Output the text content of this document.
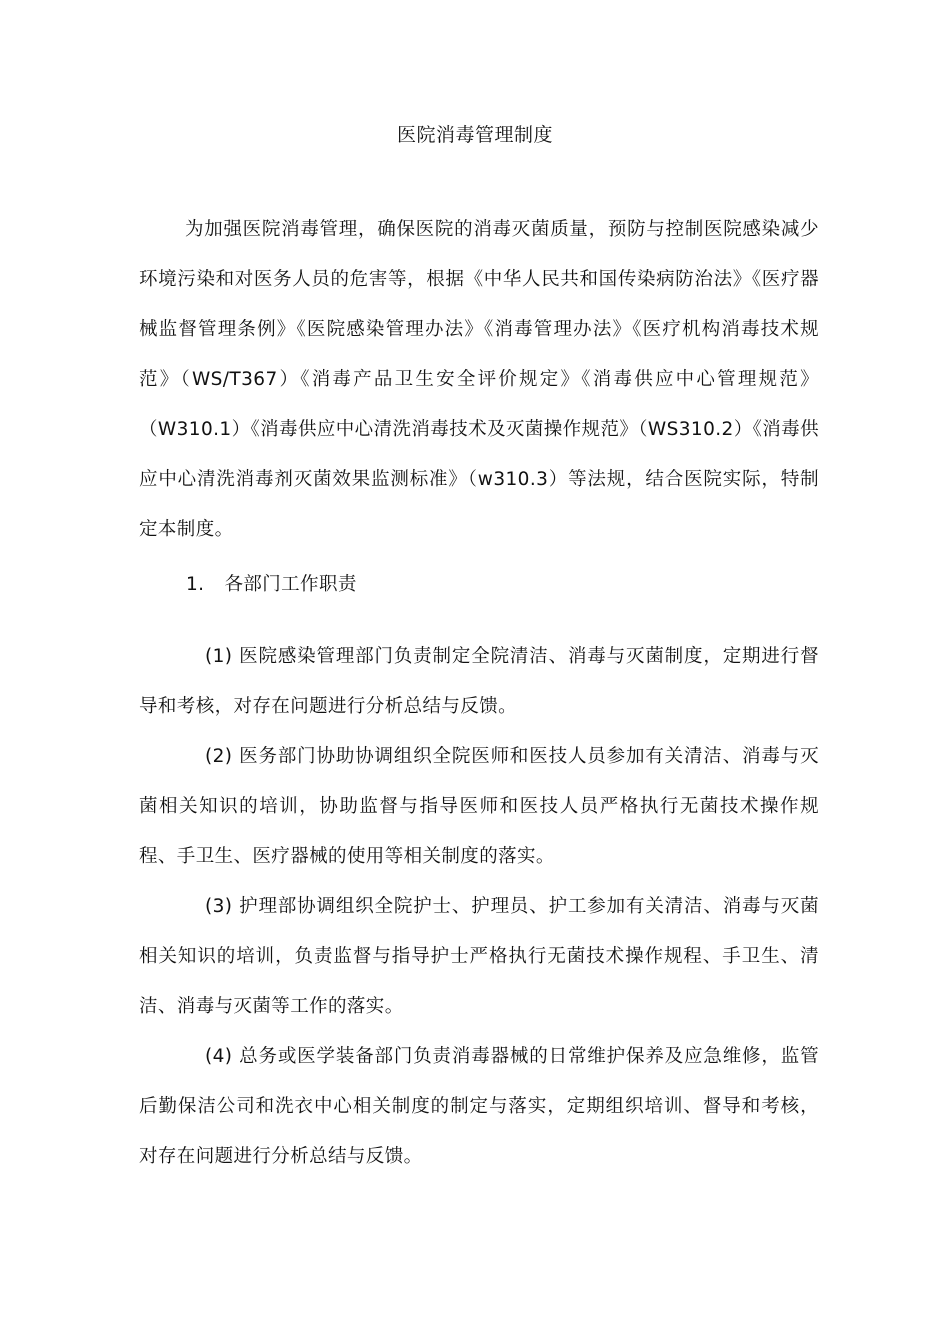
医院消毒管理制度

为加强医院消毒管理，确保医院的消毒灭菌质量，预防与控制医院感染减少环境污染和对医务人员的危害等，根据《中华人民共和国传染病防治法》《医疗器械监督管理条例》《医院感染管理办法》《消毒管理办法》《医疗机构消毒技术规范》（WS/T367）《消毒产品卫生安全评价规定》《消毒供应中心管理规范》（W310.1）《消毒供应中心清洗消毒技术及灭菌操作规范》（WS310.2）《消毒供应中心清洗消毒剂灭菌效果监测标准》（w310.3）等法规，结合医院实际，特制定本制度。

1. 各部门工作职责

(1) 医院感染管理部门负责制定全院清洁、消毒与灭菌制度，定期进行督导和考核，对存在问题进行分析总结与反馈。

(2) 医务部门协助协调组织全院医师和医技人员参加有关清洁、消毒与灭菌相关知识的培训，协助监督与指导医师和医技人员严格执行无菌技术操作规程、手卫生、医疗器械的使用等相关制度的落实。

(3) 护理部协调组织全院护士、护理员、护工参加有关清洁、消毒与灭菌相关知识的培训，负责监督与指导护士严格执行无菌技术操作规程、手卫生、清洁、消毒与灭菌等工作的落实。

(4) 总务或医学装备部门负责消毒器械的日常维护保养及应急维修，监管后勤保洁公司和洗衣中心相关制度的制定与落实，定期组织培训、督导和考核，对存在问题进行分析总结与反馈。
